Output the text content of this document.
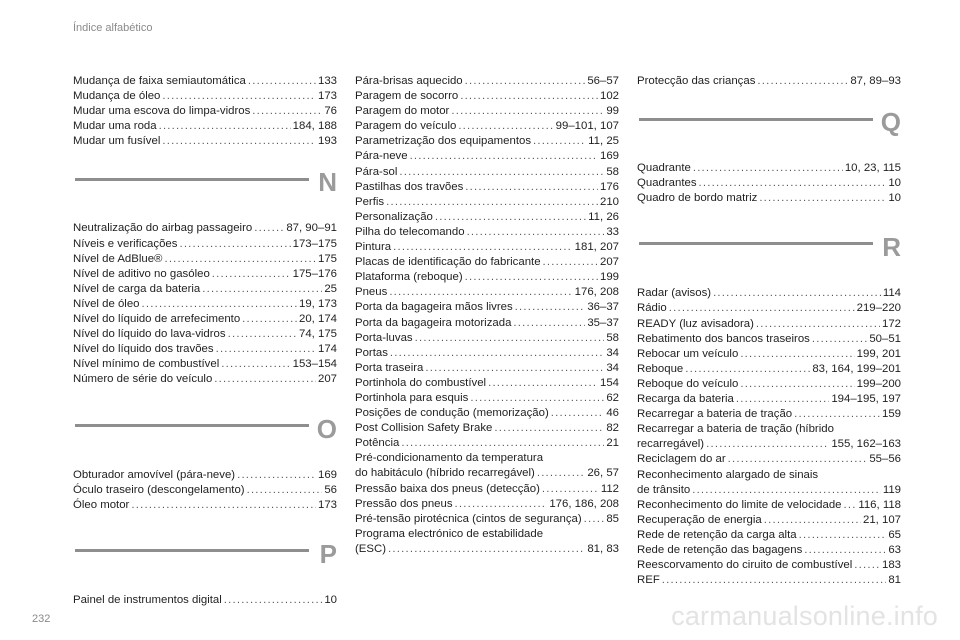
Índice alfabético
Mudança de faixa semiautomática .....	133
Mudança de óleo .....	173
Mudar uma escova do limpa-vidros .....	76
Mudar uma roda .....	184, 188
Mudar um fusível .....	193
N
Neutralização do airbag passageiro .....	87, 90–91
Níveis e verificações .....	173–175
Nível de AdBlue® .....	175
Nível de aditivo no gasóleo .....	175–176
Nível de carga da bateria .....	25
Nível de óleo .....	19, 173
Nível do líquido de arrefecimento .....	20, 174
Nível do líquido do lava-vidros .....	74, 175
Nível do líquido dos travões .....	174
Nível mínimo de combustível .....	153–154
Número de série do veículo .....	207
O
Obturador amovível (pára-neve) .....	169
Óculo traseiro (descongelamento) .....	56
Óleo motor .....	173
P
Painel de instrumentos digital .....	10
Pára-brisas aquecido .....	56–57
Paragem de socorro .....	102
Paragem do motor .....	99
Paragem do veículo .....	99–101, 107
Parametrização dos equipamentos .....	11, 25
Pára-neve .....	169
Pára-sol .....	58
Pastilhas dos travões .....	176
Perfis .....	210
Personalização .....	11, 26
Pilha do telecomando .....	33
Pintura .....	181, 207
Placas de identificação do fabricante .....	207
Plataforma (reboque) .....	199
Pneus .....	176, 208
Porta da bagageira mãos livres .....	36–37
Porta da bagageira motorizada .....	35–37
Porta-luvas .....	58
Portas .....	34
Porta traseira .....	34
Portinhola do combustível .....	154
Portinhola para esquis .....	62
Posições de condução (memorização) .....	46
Post Collision Safety Brake .....	82
Potência .....	21
Pré-condicionamento da temperatura
do habitáculo (híbrido recarregável) .....	26, 57
Pressão baixa dos pneus (detecção) .....	112
Pressão dos pneus .....	176, 186, 208
Pré-tensão pirotécnica (cintos de segurança) ..... 85
Programa electrónico de estabilidade
(ESC) .....	81, 83
Protecção das crianças .....	87, 89–93
Q
Quadrante .....	10, 23, 115
Quadrantes .....	10
Quadro de bordo matriz .....	10
R
Radar (avisos) .....	114
Rádio .....	219–220
READY (luz avisadora) .....	172
Rebatimento dos bancos traseiros .....	50–51
Rebocar um veículo .....	199, 201
Reboque .....	83, 164, 199–201
Reboque do veículo .....	199–200
Recarga da bateria .....	194–195, 197
Recarregar a bateria de tração .....	159
Recarregar a bateria de tração (híbrido
recarregável) .....	155, 162–163
Reciclagem do ar .....	55–56
Reconhecimento alargado de sinais
de trânsito .....	119
Reconhecimento do limite de velocidade ..... 116, 118
Recuperação de energia .....	21, 107
Rede de retenção da carga alta .....	65
Rede de retenção das bagagens .....	63
Reescorvamento do ciruito de combustível .....	183
REF .....	81
232	carmanualsonline.info
